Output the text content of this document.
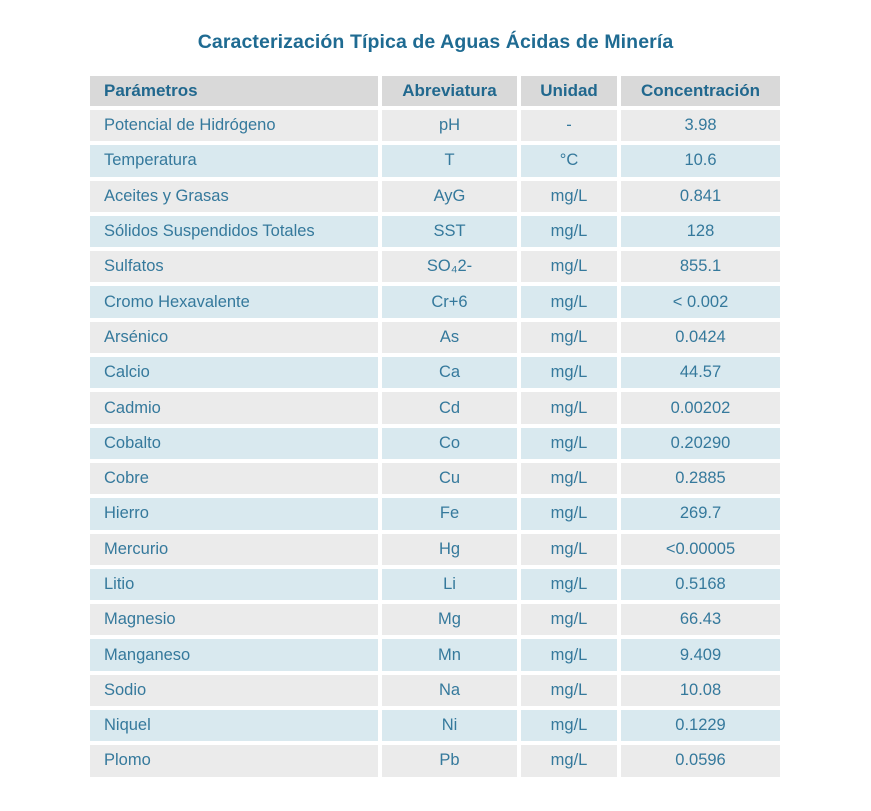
Caracterización Típica de Aguas Ácidas de Minería
Parámetros	Abreviatura	Unidad	Concentración
Potencial de Hidrógeno	pH	-	3.98
Temperatura	T	°C	10.6
Aceites y Grasas	AyG	mg/L	0.841
Sólidos Suspendidos Totales	SST	mg/L	128
Sulfatos	SO₄2-	mg/L	855.1
Cromo Hexavalente	Cr+6	mg/L	< 0.002
Arsénico	As	mg/L	0.0424
Calcio	Ca	mg/L	44.57
Cadmio	Cd	mg/L	0.00202
Cobalto	Co	mg/L	0.20290
Cobre	Cu	mg/L	0.2885
Hierro	Fe	mg/L	269.7
Mercurio	Hg	mg/L	<0.00005
Litio	Li	mg/L	0.5168
Magnesio	Mg	mg/L	66.43
Manganeso	Mn	mg/L	9.409
Sodio	Na	mg/L	10.08
Niquel	Ni	mg/L	0.1229
Plomo	Pb	mg/L	0.0596
